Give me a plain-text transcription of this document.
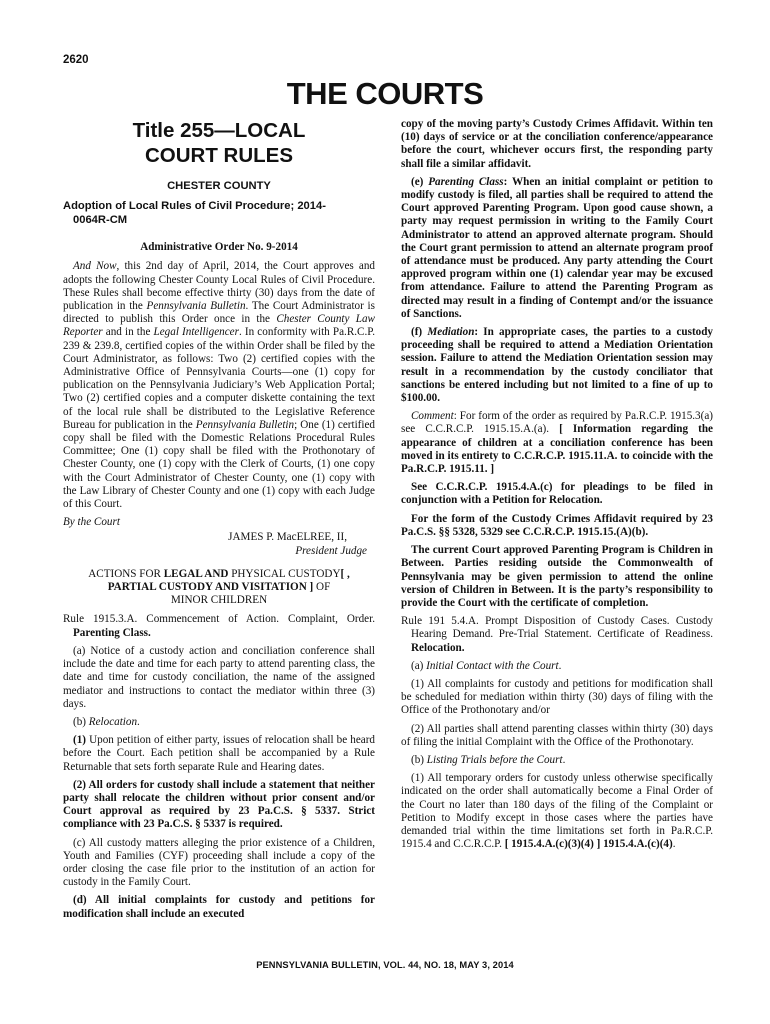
2620
THE COURTS
Title 255—LOCAL
COURT RULES
CHESTER COUNTY
Adoption of Local Rules of Civil Procedure; 2014-
0064R-CM
Administrative Order No. 9-2014

And Now, this 2nd day of April, 2014, the Court approves and adopts the following Chester County Local Rules of Civil Procedure. These Rules shall become effective thirty (30) days from the date of publication in the Pennsylvania Bulletin. The Court Administrator is directed to publish this Order once in the Chester County Law Reporter and in the Legal Intelligencer. In conformity with Pa.R.C.P. 239 & 239.8, certified copies of the within Order shall be filed by the Court Administrator, as follows: Two (2) certified copies with the Administrative Office of Pennsylvania Courts—one (1) copy for publication on the Pennsylvania Judiciary’s Web Application Portal; Two (2) certified copies and a computer diskette containing the text of the local rule shall be distributed to the Legislative Reference Bureau for publication in the Pennsylvania Bulletin; One (1) certified copy shall be filed with the Domestic Relations Procedural Rules Committee; One (1) copy shall be filed with the Prothonotary of Chester County, one (1) copy with the Clerk of Courts, (1) one copy with the Court Administrator of Chester County, one (1) copy with the Law Library of Chester County and one (1) copy with each Judge of this Court.

By the Court

JAMES P. MacELREE, II,
President Judge
ACTIONS FOR LEGAL AND PHYSICAL CUSTODY[ ,
PARTIAL CUSTODY AND VISITATION ] OF
MINOR CHILDREN

Rule 1915.3.A. Commencement of Action. Complaint, Order. Parenting Class.

(a) Notice of a custody action and conciliation conference shall include the date and time for each party to attend parenting class, the date and time for custody conciliation, the name of the assigned mediator and instructions to contact the mediator within three (3) days.

(b) Relocation.

(1) Upon petition of either party, issues of relocation shall be heard before the Court. Each petition shall be accompanied by a Rule Returnable that sets forth separate Rule and Hearing dates.

(2) All orders for custody shall include a statement that neither party shall relocate the children without prior consent and/or Court approval as required by 23 Pa.C.S. § 5337. Strict compliance with 23 Pa.C.S. § 5337 is required.

(c) All custody matters alleging the prior existence of a Children, Youth and Families (CYF) proceeding shall include a copy of the order closing the case file prior to the institution of an action for custody in the Family Court.

(d) All initial complaints for custody and petitions for modification shall include an executed

copy of the moving party’s Custody Crimes Affidavit. Within ten (10) days of service or at the conciliation conference/appearance before the court, whichever occurs first, the responding party shall file a similar affidavit.

(e) Parenting Class: When an initial complaint or petition to modify custody is filed, all parties shall be required to attend the Court approved Parenting Program. Upon good cause shown, a party may request permission in writing to the Family Court Administrator to attend an approved alternate program. Should the Court grant permission to attend an alternate program proof of attendance must be produced. Any party attending the Court approved program within one (1) calendar year may be excused from attendance. Failure to attend the Parenting Program as directed may result in a finding of Contempt and/or the issuance of Sanctions.

(f) Mediation: In appropriate cases, the parties to a custody proceeding shall be required to attend a Mediation Orientation session. Failure to attend the Mediation Orientation session may result in a recommendation by the custody conciliator that sanctions be entered including but not limited to a fine of up to $100.00.

Comment: For form of the order as required by Pa.R.C.P. 1915.3(a) see C.C.R.C.P. 1915.15.A.(a). [ Information regarding the appearance of children at a conciliation conference has been moved in its entirety to C.C.R.C.P. 1915.11.A. to coincide with the Pa.R.C.P. 1915.11. ]

See C.C.R.C.P. 1915.4.A.(c) for pleadings to be filed in conjunction with a Petition for Relocation.

For the form of the Custody Crimes Affidavit required by 23 Pa.C.S. §§ 5328, 5329 see C.C.R.C.P. 1915.15.(A)(b).

The current Court approved Parenting Program is Children in Between. Parties residing outside the Commonwealth of Pennsylvania may be given permission to attend the online version of Children in Between. It is the party’s responsibility to provide the Court with the certificate of completion.

Rule 191 5.4.A. Prompt Disposition of Custody Cases. Custody Hearing Demand. Pre-Trial Statement. Certificate of Readiness. Relocation.

(a) Initial Contact with the Court.

(1) All complaints for custody and petitions for modification shall be scheduled for mediation within thirty (30) days of filing with the Office of the Prothonotary and/or

(2) All parties shall attend parenting classes within thirty (30) days of filing the initial Complaint with the Office of the Prothonotary.

(b) Listing Trials before the Court.

(1) All temporary orders for custody unless otherwise specifically indicated on the order shall automatically become a Final Order of the Court no later than 180 days of the filing of the Complaint or Petition to Modify except in those cases where the parties have demanded trial within the time limitations set forth in Pa.R.C.P. 1915.4 and C.C.R.C.P. [ 1915.4.A.(c)(3)(4) ] 1915.4.A.(c)(4).

PENNSYLVANIA BULLETIN, VOL. 44, NO. 18, MAY 3, 2014
